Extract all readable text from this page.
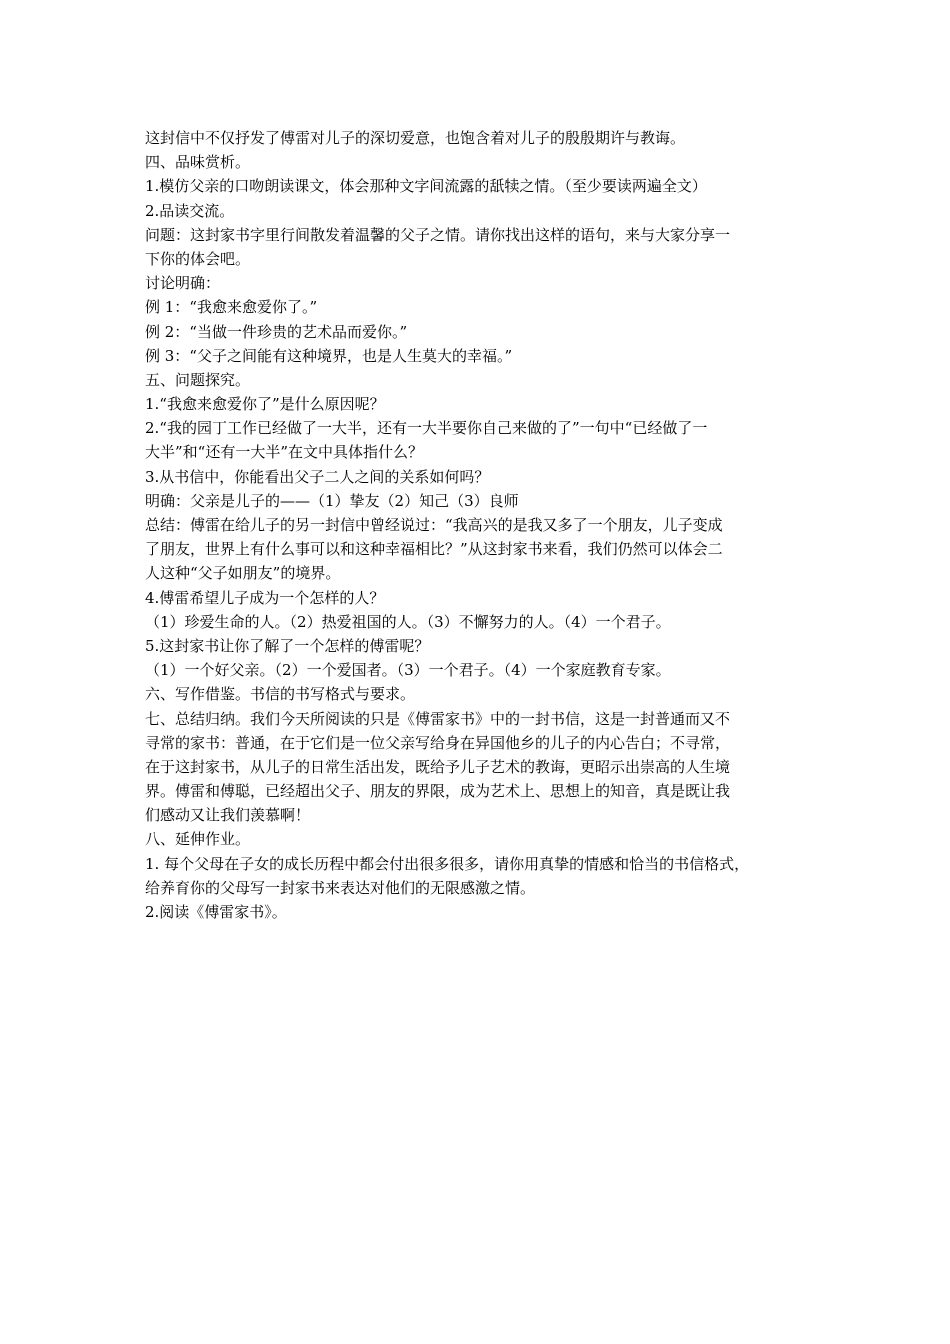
这封信中不仅抒发了傅雷对儿子的深切爱意，也饱含着对儿子的殷殷期许与教诲。
四、品味赏析。
1.模仿父亲的口吻朗读课文，体会那种文字间流露的舐犊之情。（至少要读两遍全文）
2.品读交流。
问题：这封家书字里行间散发着温馨的父子之情。请你找出这样的语句，来与大家分享一
下你的体会吧。
讨论明确：
例 1：“我愈来愈爱你了。”
例 2：“当做一件珍贵的艺术品而爱你。”
例 3：“父子之间能有这种境界，也是人生莫大的幸福。”
五、问题探究。
1.“我愈来愈爱你了”是什么原因呢？
2.“我的园丁工作已经做了一大半，还有一大半要你自己来做的了”一句中“已经做了一
大半”和“还有一大半”在文中具体指什么？
3.从书信中，你能看出父子二人之间的关系如何吗？
明确：父亲是儿子的——（1）挚友（2）知己（3）良师
总结：傅雷在给儿子的另一封信中曾经说过：“我高兴的是我又多了一个朋友，儿子变成
了朋友，世界上有什么事可以和这种幸福相比？”从这封家书来看，我们仍然可以体会二
人这种“父子如朋友”的境界。
4.傅雷希望儿子成为一个怎样的人？
（1）珍爱生命的人。（2）热爱祖国的人。（3）不懈努力的人。（4）一个君子。
5.这封家书让你了解了一个怎样的傅雷呢？
（1）一个好父亲。（2）一个爱国者。（3）一个君子。（4）一个家庭教育专家。
六、写作借鉴。书信的书写格式与要求。
七、总结归纳。我们今天所阅读的只是《傅雷家书》中的一封书信，这是一封普通而又不
寻常的家书：普通，在于它们是一位父亲写给身在异国他乡的儿子的内心告白；不寻常，
在于这封家书，从儿子的日常生活出发，既给予儿子艺术的教诲，更昭示出崇高的人生境
界。傅雷和傅聪，已经超出父子、朋友的界限，成为艺术上、思想上的知音，真是既让我
们感动又让我们羡慕啊！
八、延伸作业。
1. 每个父母在子女的成长历程中都会付出很多很多，请你用真挚的情感和恰当的书信格式，
给养育你的父母写一封家书来表达对他们的无限感激之情。
2.阅读《傅雷家书》。
